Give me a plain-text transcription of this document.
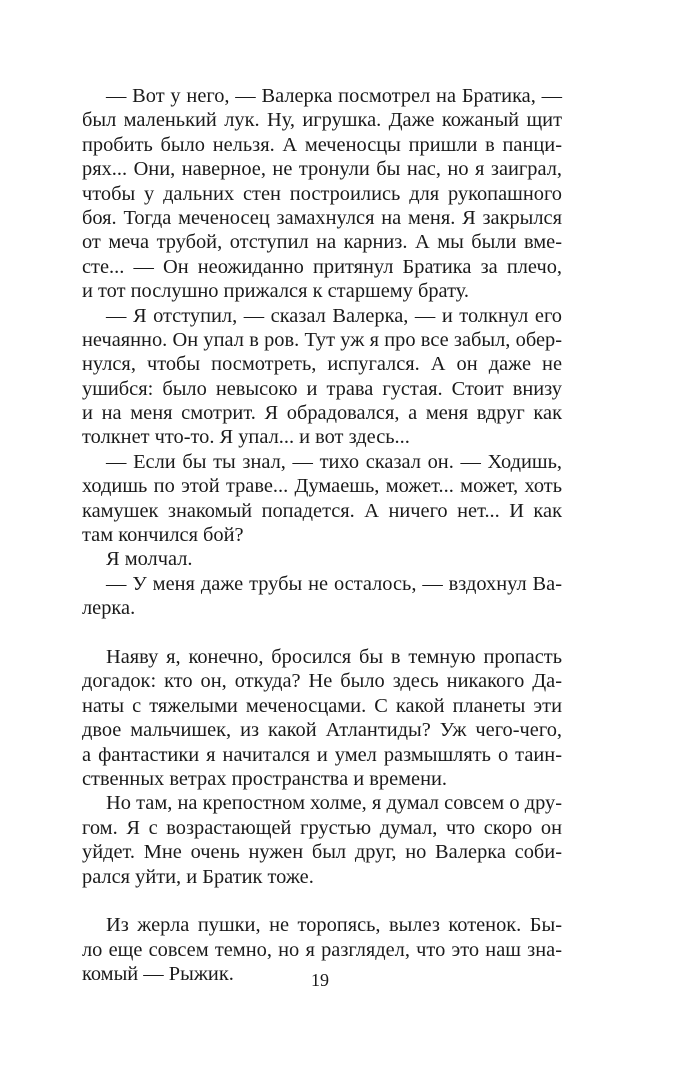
— Вот у него, — Валерка посмотрел на Братика, —
был маленький лук. Ну, игрушка. Даже кожаный щит
пробить было нельзя. А меченосцы пришли в панци-
рях... Они, наверное, не тронули бы нас, но я заиграл,
чтобы у дальних стен построились для рукопашного
боя. Тогда меченосец замахнулся на меня. Я закрылся
от меча трубой, отступил на карниз. А мы были вме-
сте... — Он неожиданно притянул Братика за плечо,
и тот послушно прижался к старшему брату.
— Я отступил, — сказал Валерка, — и толкнул его
нечаянно. Он упал в ров. Тут уж я про все забыл, обер-
нулся, чтобы посмотреть, испугался. А он даже не
ушибся: было невысоко и трава густая. Стоит внизу
и на меня смотрит. Я обрадовался, а меня вдруг как
толкнет что-то. Я упал... и вот здесь...
— Если бы ты знал, — тихо сказал он. — Ходишь,
ходишь по этой траве... Думаешь, может... может, хоть
камушек знакомый попадется. А ничего нет... И как
там кончился бой?
Я молчал.
— У меня даже трубы не осталось, — вздохнул Ва-
лерка.
Наяву я, конечно, бросился бы в темную пропасть
догадок: кто он, откуда? Не было здесь никакого Да-
наты с тяжелыми меченосцами. С какой планеты эти
двое мальчишек, из какой Атлантиды? Уж чего-чего,
а фантастики я начитался и умел размышлять о таин-
ственных ветрах пространства и времени.
Но там, на крепостном холме, я думал совсем о дру-
гом. Я с возрастающей грустью думал, что скоро он
уйдет. Мне очень нужен был друг, но Валерка соби-
рался уйти, и Братик тоже.
Из жерла пушки, не торопясь, вылез котенок. Бы-
ло еще совсем темно, но я разглядел, что это наш зна-
комый — Рыжик.	19
